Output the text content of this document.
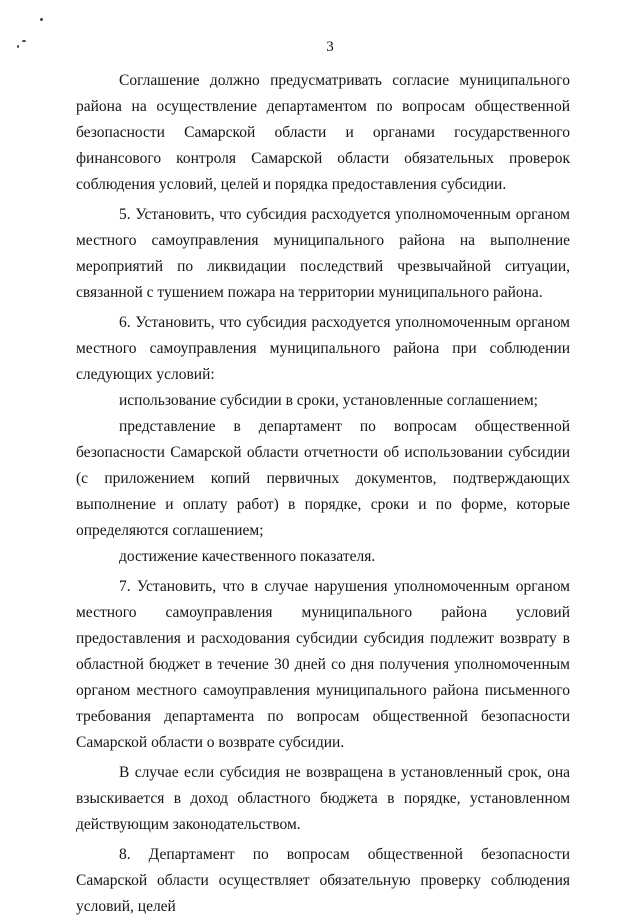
3

Соглашение должно предусматривать согласие муниципального района на осуществление департаментом по вопросам общественной безопасности Самарской области и органами государственного финансового контроля Самарской области обязательных проверок соблюдения условий, целей и порядка предоставления субсидии.

5. Установить, что субсидия расходуется уполномоченным органом местного самоуправления муниципального района на выполнение мероприятий по ликвидации последствий чрезвычайной ситуации, связанной с тушением пожара на территории муниципального района.

6. Установить, что субсидия расходуется уполномоченным органом местного самоуправления муниципального района при соблюдении следующих условий:

использование субсидии в сроки, установленные соглашением;

представление в департамент по вопросам общественной безопасности Самарской области отчетности об использовании субсидии (с приложением копий первичных документов, подтверждающих выполнение и оплату работ) в порядке, сроки и по форме, которые определяются соглашением;

достижение качественного показателя.

7. Установить, что в случае нарушения уполномоченным органом местного самоуправления муниципального района условий предоставления и расходования субсидии субсидия подлежит возврату в областной бюджет в течение 30 дней со дня получения уполномоченным органом местного самоуправления муниципального района письменного требования департамента по вопросам общественной безопасности Самарской области о возврате субсидии.

В случае если субсидия не возвращена в установленный срок, она взыскивается в доход областного бюджета в порядке, установленном действующим законодательством.

8. Департамент по вопросам общественной безопасности Самарской области осуществляет обязательную проверку соблюдения условий, целей
